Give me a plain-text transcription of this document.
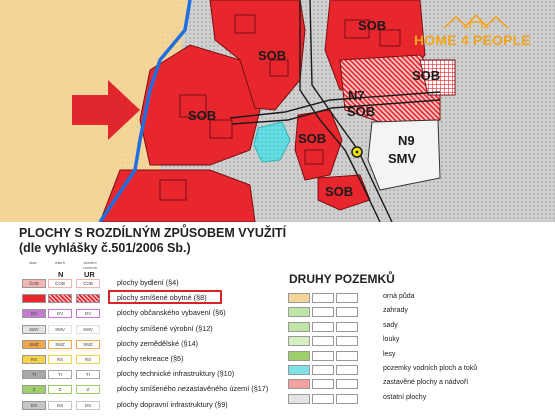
SOB
SOB
SOB
SOB
SOB
SOB
SOB
N7
N9
SMV
HOME 4 PEOPLE
PLOCHY S ROZDÍLNÝM ZPŮSOBEM VYUŽITÍ
(dle vyhlášky č.501/2006 Sb.)
stav	návrh	územní rezerva
N	UR
ČOB	ČOB	ČOB	plochy bydlení (§4)
plochy smíšené obytné (§8)
OV	OV	OV	plochy občanského vybavení (§6)
SMV	SMV	SMV	plochy smíšené výrobní (§12)
SMZ	SMZ	SMZ	plochy zemědělské (§14)
RS	RS	RS	plochy rekreace (§5)
TI	TI	TI	plochy technické infrastruktury (§10)
Z	Z	Z	plochy smíšeného nezastavěného území (§17)
DS	DS	DS	plochy dopravní infrastruktury (§9)
DRUHY POZEMKŮ
orná půda
zahrady
sady
louky
lesy
pozemky vodních ploch a toků
zastavěné plochy a nádvoří
ostatní plochy
